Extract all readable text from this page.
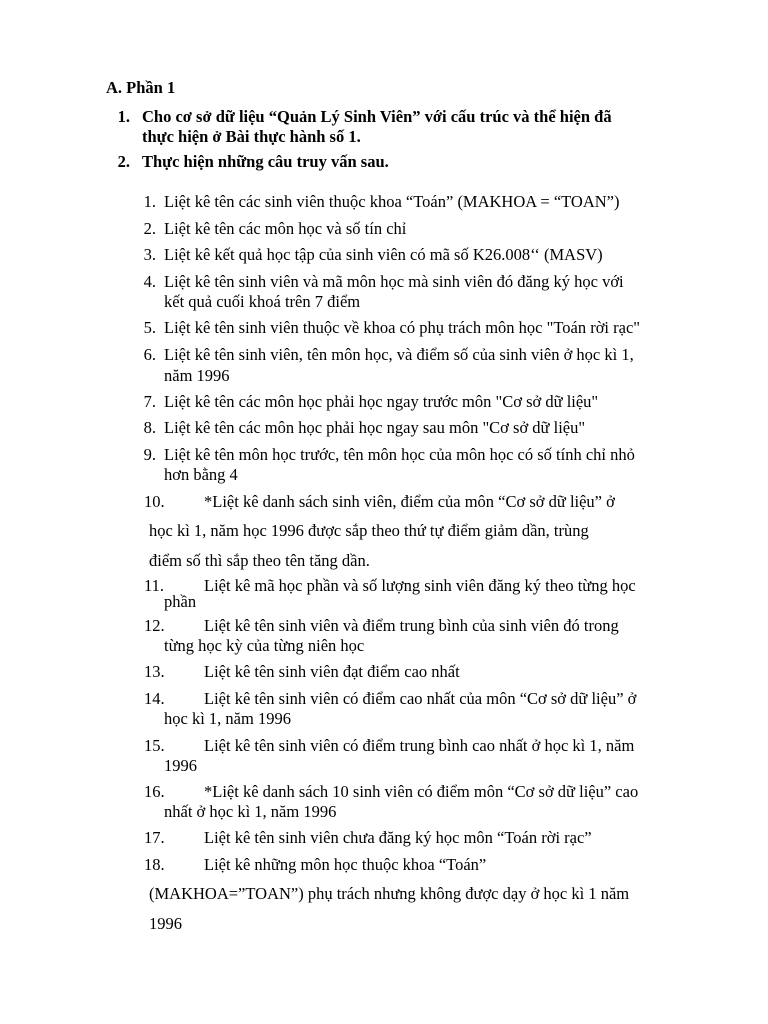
A. Phần 1
1. Cho cơ sở dữ liệu “Quản Lý Sinh Viên” với cấu trúc và thể hiện đã
thực hiện ở Bài thực hành số 1.
2. Thực hiện những câu truy vấn sau.
1. Liệt kê tên các sinh viên thuộc khoa “Toán” (MAKHOA = “TOAN”)
2. Liệt kê tên các môn học và số tín chỉ
3. Liệt kê kết quả học tập của sinh viên có mã số K26.008‘‘ (MASV)
4. Liệt kê tên sinh viên và mã môn học mà sinh viên đó đăng ký học với
kết quả cuối khoá trên 7 điểm
5. Liệt kê tên sinh viên thuộc về khoa có phụ trách môn học "Toán rời rạc"
6. Liệt kê tên sinh viên, tên môn học, và điểm số của sinh viên ở học kì 1,
năm 1996
7. Liệt kê tên các môn học phải học ngay trước môn "Cơ sở dữ liệu"
8. Liệt kê tên các môn học phải học ngay sau môn "Cơ sở dữ liệu"
9. Liệt kê tên môn học trước, tên môn học của môn học có số tính chỉ nhỏ
hơn bằng 4
10. *Liệt kê danh sách sinh viên, điểm của môn “Cơ sở dữ liệu” ở
học kì 1, năm học 1996 được sắp theo thứ tự điểm giảm dần, trùng
điểm số thì sắp theo tên tăng dần.
11. Liệt kê mã học phần và số lượng sinh viên đăng ký theo từng học
phần
12. Liệt kê tên sinh viên và điểm trung bình của sinh viên đó trong
từng học kỳ của từng niên học
13. Liệt kê tên sinh viên đạt điểm cao nhất
14. Liệt kê tên sinh viên có điểm cao nhất của môn “Cơ sở dữ liệu” ở
học kì 1, năm 1996
15. Liệt kê tên sinh viên có điểm trung bình cao nhất ở học kì 1, năm
1996
16. *Liệt kê danh sách 10 sinh viên có điểm môn “Cơ sở dữ liệu” cao
nhất ở học kì 1, năm 1996
17. Liệt kê tên sinh viên chưa đăng ký học môn “Toán rời rạc”
18. Liệt kê những môn học thuộc khoa “Toán”
(MAKHOA=”TOAN”) phụ trách nhưng không được dạy ở học kì 1 năm
1996
